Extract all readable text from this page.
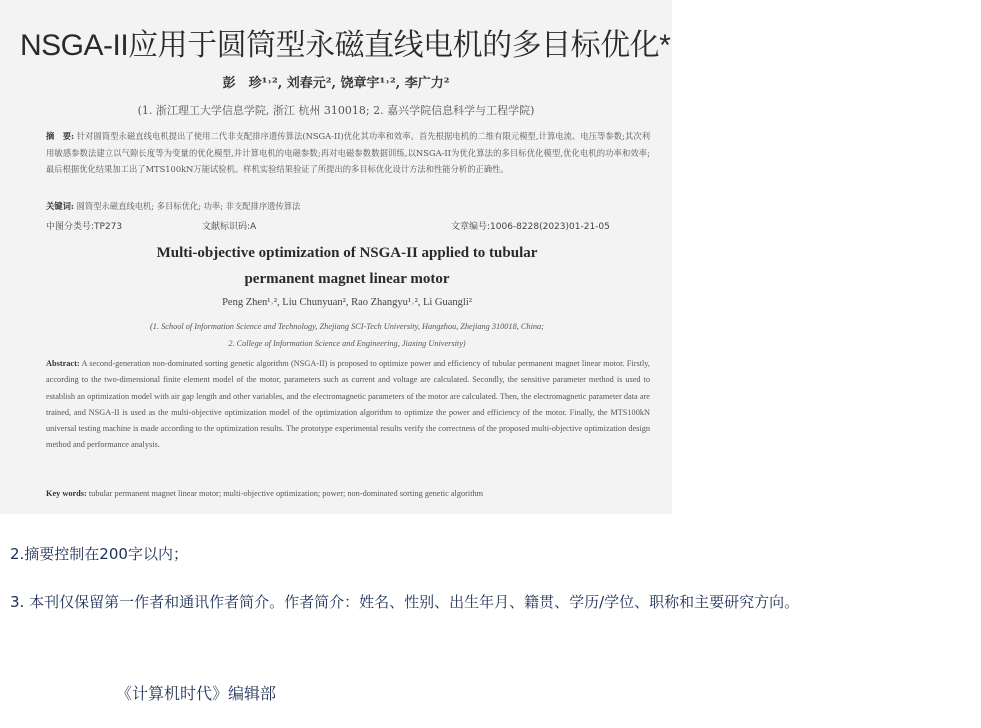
NSGA-II应用于圆筒型永磁直线电机的多目标优化*
彭　珍¹˒², 刘春元², 饶章宇¹˒², 李广力²
(1. 浙江理工大学信息学院, 浙江 杭州 310018; 2. 嘉兴学院信息科学与工程学院)
摘　要: 针对圆筒型永磁直线电机提出了使用二代非支配排序遗传算法(NSGA-II)优化其功率和效率。首先根据电机的二维有限元模型,计算电流、电压等参数;其次利用敏感参数法建立以气隙长度等为变量的优化模型,并计算电机的电磁参数;再对电磁参数数据训练,以NSGA-II为优化算法的多目标优化模型,优化电机的功率和效率;最后根据优化结果加工出了MTS100kN万能试验机。样机实验结果验证了所提出的多目标优化设计方法和性能分析的正确性。
关键词: 圆筒型永磁直线电机; 多目标优化; 功率; 非支配排序遗传算法
中图分类号:TP273	文献标识码:A	文章编号:1006-8228(2023)01-21-05
Multi-objective optimization of NSGA-II applied to tubular
permanent magnet linear motor
Peng Zhen¹˒², Liu Chunyuan², Rao Zhangyu¹˒², Li Guangli²
(1. School of Information Science and Technology, Zhejiang SCI-Tech University, Hangzhou, Zhejiang 310018, China;
2. College of Information Science and Engineering, Jiaxing University)
Abstract: A second-generation non-dominated sorting genetic algorithm (NSGA-II) is proposed to optimize power and efficiency of tubular permanent magnet linear motor. Firstly, according to the two-dimensional finite element model of the motor, parameters such as current and voltage are calculated. Secondly, the sensitive parameter method is used to establish an optimization model with air gap length and other variables, and the electromagnetic parameters of the motor are calculated. Then, the electromagnetic parameter data are trained, and NSGA-II is used as the multi-objective optimization model of the optimization algorithm to optimize the power and efficiency of the motor. Finally, the MTS100kN universal testing machine is made according to the optimization results. The prototype experimental results verify the correctness of the proposed multi-objective optimization design method and performance analysis.
Key words: tubular permanent magnet linear motor; multi-objective optimization; power; non-dominated sorting genetic algorithm
2.摘要控制在200字以内；
3. 本刊仅保留第一作者和通讯作者简介。作者简介：姓名、性别、出生年月、籍贯、学历/学位、职称和主要研究方向。
《计算机时代》编辑部
